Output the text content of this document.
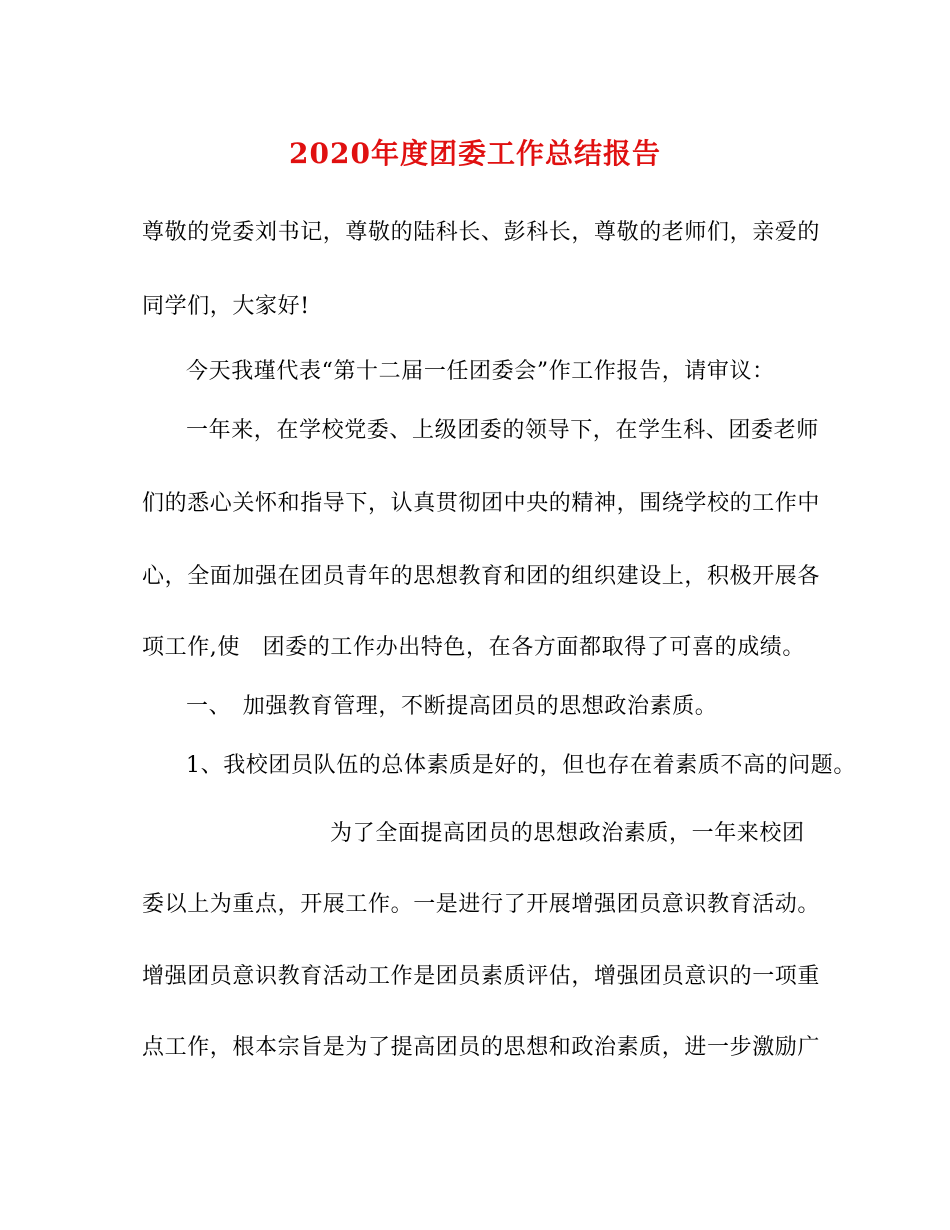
2020年度团委工作总结报告
尊敬的党委刘书记，尊敬的陆科长、彭科长，尊敬的老师们，亲爱的
同学们，大家好!
今天我瑾代表“第十二届一任团委会”作工作报告，请审议：
一年来，在学校党委、上级团委的领导下，在学生科、团委老师
们的悉心关怀和指导下，认真贯彻团中央的精神，围绕学校的工作中
心，全面加强在团员青年的思想教育和团的组织建设上，积极开展各
项工作,使　团委的工作办出特色，在各方面都取得了可喜的成绩。
一、　加强教育管理，不断提高团员的思想政治素质。
1、我校团员队伍的总体素质是好的，但也存在着素质不高的问题。
为了全面提高团员的思想政治素质，一年来校团
委以上为重点，开展工作。一是进行了开展增强团员意识教育活动。
增强团员意识教育活动工作是团员素质评估，增强团员意识的一项重
点工作，根本宗旨是为了提高团员的思想和政治素质，进一步激励广
